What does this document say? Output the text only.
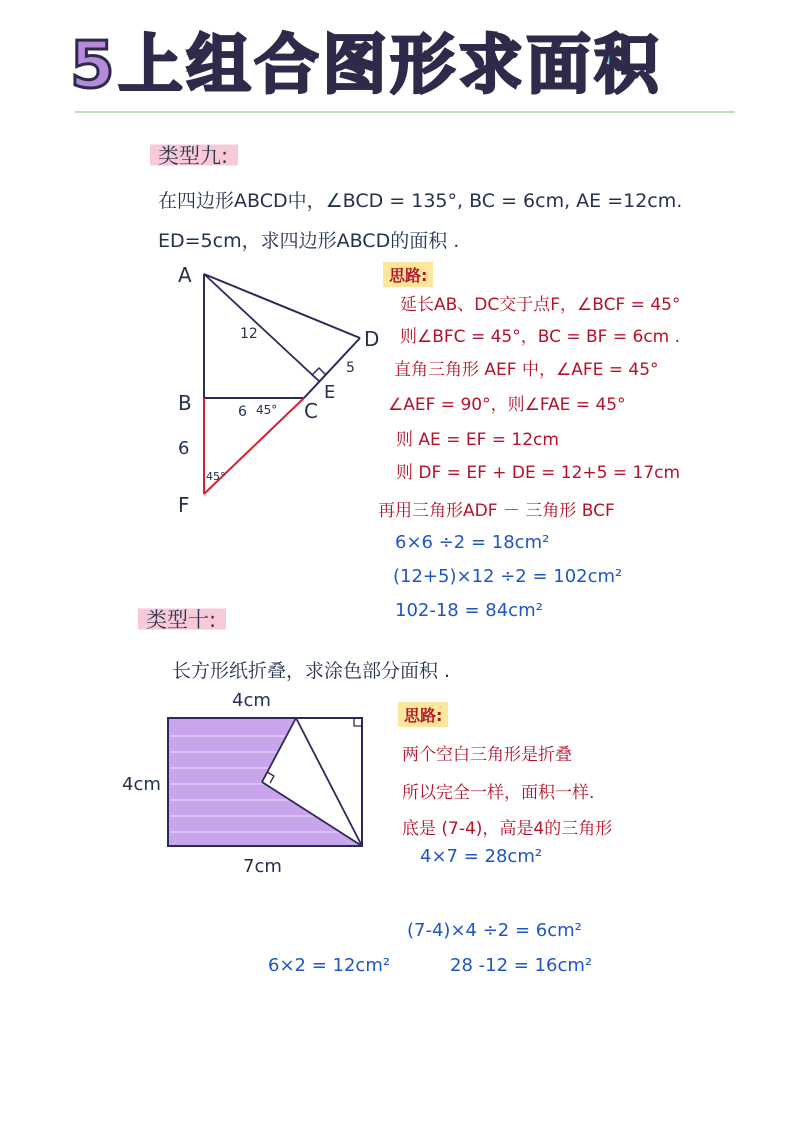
5上 组合图形 求面积
类型九:
在四边形ABCD中，∠BCD = 135°, BC = 6cm, AE =12cm.
ED=5cm，求四边形ABCD的面积 .
A
B	C
D
E
F
12
5
6
6
45°
45°
思路:
延长AB、DC交于点F，∠BCF = 45°
则∠BFC = 45°，BC = BF = 6cm .
直角三角形 AEF 中，∠AFE = 45°
∠AEF = 90°，则∠FAE = 45°
则 AE = EF = 12cm
则 DF = EF + DE = 12+5 = 17cm
再用三角形ADF － 三角形 BCF
6×6 ÷2 = 18cm²
(12+5)×12 ÷2 = 102cm²
102-18 = 84cm²
类型十:
长方形纸折叠，求涂色部分面积 .
4cm
4cm
7cm
思路:
两个空白三角形是折叠
所以完全一样，面积一样.
底是 (7-4)，高是4的三角形
4×7 = 28cm²
(7-4)×4 ÷2 = 6cm²
6×2 = 12cm²	28 -12 = 16cm²
